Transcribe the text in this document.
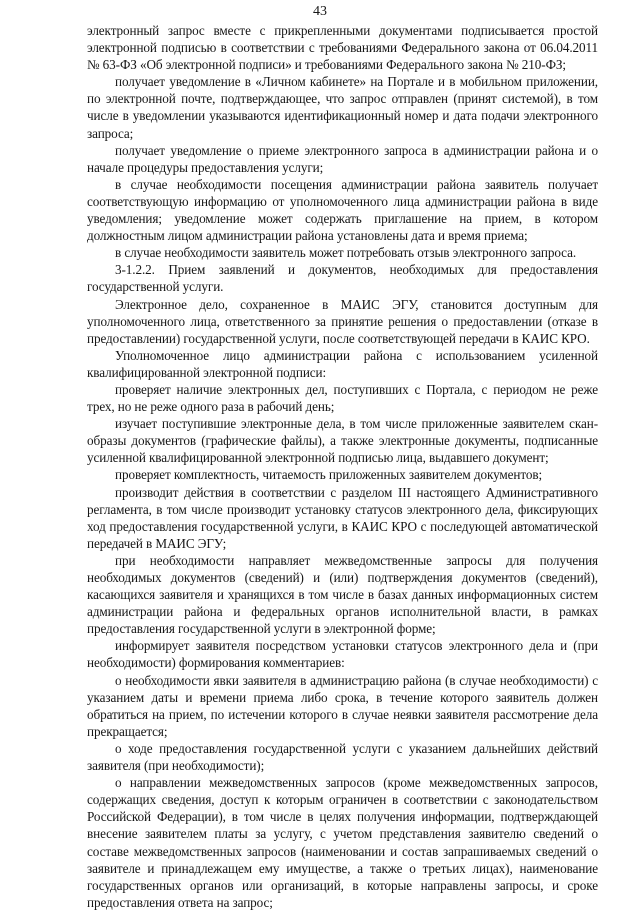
43

электронный запрос вместе с прикрепленными документами подписывается простой электронной подписью в соответствии с требованиями Федерального закона от 06.04.2011 № 63-ФЗ «Об электронной подписи» и требованиями Федерального закона № 210-ФЗ;

получает уведомление в «Личном кабинете» на Портале и в мобильном приложении, по электронной почте, подтверждающее, что запрос отправлен (принят системой), в том числе в уведомлении указываются идентификационный номер и дата подачи электронного запроса;

получает уведомление о приеме электронного запроса в администрации района и о начале процедуры предоставления услуги;

в случае необходимости посещения администрации района заявитель получает соответствующую информацию от уполномоченного лица администрации района в виде уведомления; уведомление может содержать приглашение на прием, в котором должностным лицом администрации района установлены дата и время приема;

в случае необходимости заявитель может потребовать отзыв электронного запроса.

3-1.2.2. Прием заявлений и документов, необходимых для предоставления государственной услуги.

Электронное дело, сохраненное в МАИС ЭГУ, становится доступным для уполномоченного лица, ответственного за принятие решения о предоставлении (отказе в предоставлении) государственной услуги, после соответствующей передачи в КАИС КРО.

Уполномоченное лицо администрации района с использованием усиленной квалифицированной электронной подписи:

проверяет наличие электронных дел, поступивших с Портала, с периодом не реже трех, но не реже одного раза в рабочий день;

изучает поступившие электронные дела, в том числе приложенные заявителем скан-образы документов (графические файлы), а также электронные документы, подписанные усиленной квалифицированной электронной подписью лица, выдавшего документ;

проверяет комплектность, читаемость приложенных заявителем документов;

производит действия в соответствии с разделом III настоящего Административного регламента, в том числе производит установку статусов электронного дела, фиксирующих ход предоставления государственной услуги, в КАИС КРО с последующей автоматической передачей в МАИС ЭГУ;

при необходимости направляет межведомственные запросы для получения необходимых документов (сведений) и (или) подтверждения документов (сведений), касающихся заявителя и хранящихся в том числе в базах данных информационных систем администрации района и федеральных органов исполнительной власти, в рамках предоставления государственной услуги в электронной форме;

информирует заявителя посредством установки статусов электронного дела и (при необходимости) формирования комментариев:

о необходимости явки заявителя в администрацию района (в случае необходимости) с указанием даты и времени приема либо срока, в течение которого заявитель должен обратиться на прием, по истечении которого в случае неявки заявителя рассмотрение дела прекращается;

о ходе предоставления государственной услуги с указанием дальнейших действий заявителя (при необходимости);

о направлении межведомственных запросов (кроме межведомственных запросов, содержащих сведения, доступ к которым ограничен в соответствии с законодательством Российской Федерации), в том числе в целях получения информации, подтверждающей внесение заявителем платы за услугу, с учетом представления заявителю сведений о составе межведомственных запросов (наименовании и состав запрашиваемых сведений о заявителе и принадлежащем ему имуществе, а также о третьих лицах), наименование государственных органов или организаций, в которые направлены запросы, и сроке предоставления ответа на запрос;
